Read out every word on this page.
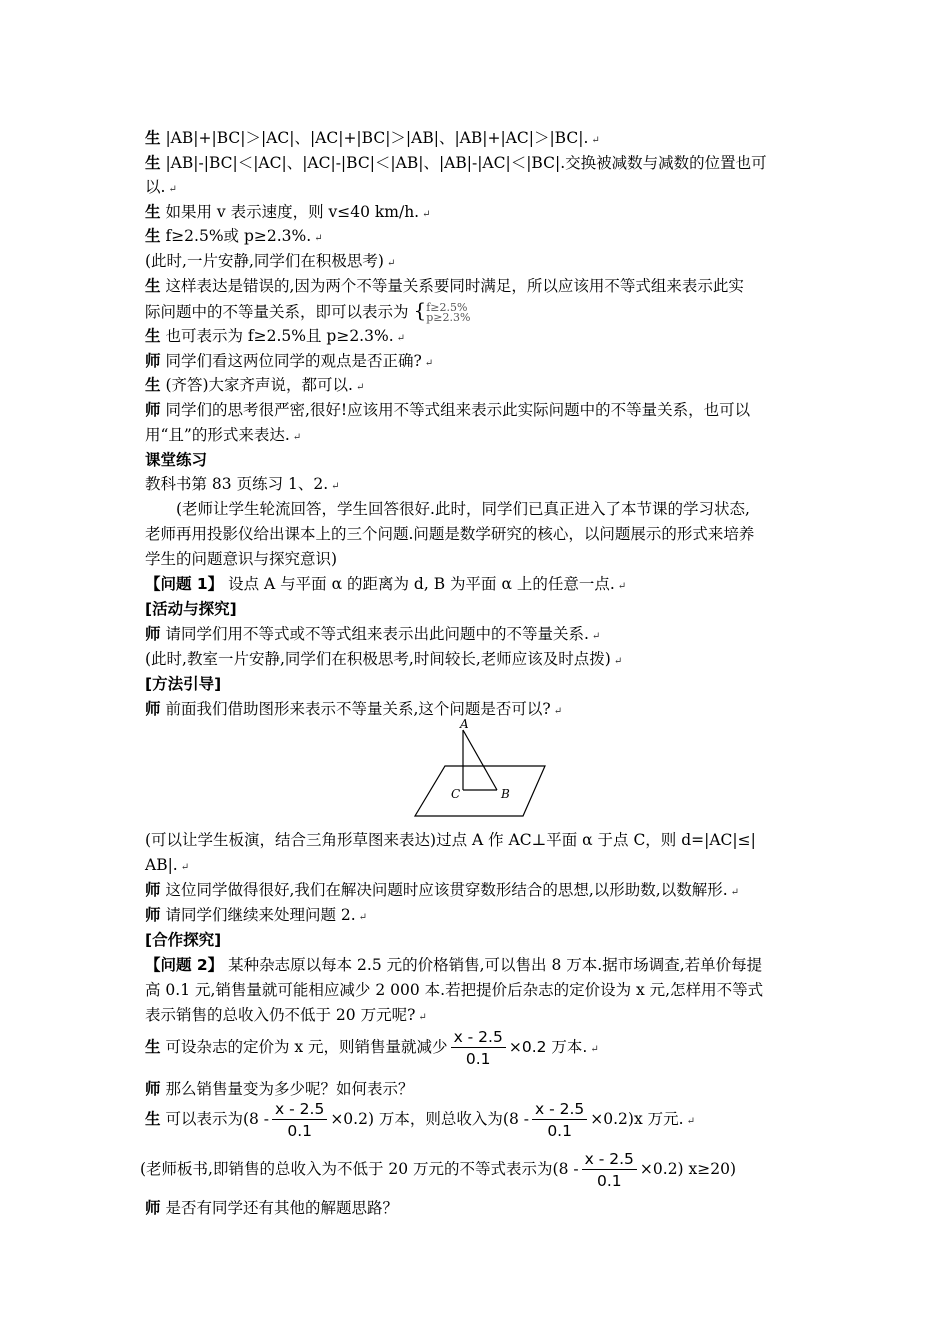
生 |AB|+|BC|＞|AC|、|AC|+|BC|＞|AB|、|AB|+|AC|＞|BC|. ↵
生 |AB|-|BC|＜|AC|、|AC|-|BC|＜|AB|、|AB|-|AC|＜|BC|.交换被减数与减数的位置也可
以. ↵
生 如果用 v 表示速度，则 v≤40 km/h. ↵
生 f≥2.5%或 p≥2.3%. ↵
(此时,一片安静,同学们在积极思考) ↵
生 这样表达是错误的,因为两个不等量关系要同时满足，所以应该用不等式组来表示此实
际问题中的不等量关系，即可以表示为 { f≥2.5%
p≥2.3%
生 也可表示为 f≥2.5%且 p≥2.3%. ↵
师 同学们看这两位同学的观点是否正确? ↵
生 (齐答)大家齐声说，都可以. ↵
师 同学们的思考很严密,很好!应该用不等式组来表示此实际问题中的不等量关系，也可以
用“且”的形式来表达. ↵
课堂练习
教科书第 83 页练习 1、2. ↵
(老师让学生轮流回答，学生回答很好.此时，同学们已真正进入了本节课的学习状态,
老师再用投影仪给出课本上的三个问题.问题是数学研究的核心，以问题展示的形式来培养
学生的问题意识与探究意识)
【问题 1】 设点 A 与平面 α 的距离为 d, B 为平面 α 上的任意一点. ↵
[活动与探究]
师 请同学们用不等式或不等式组来表示出此问题中的不等量关系. ↵
(此时,教室一片安静,同学们在积极思考,时间较长,老师应该及时点拨) ↵
[方法引导]
师 前面我们借助图形来表示不等量关系,这个问题是否可以? ↵
A
C	B
(可以让学生板演，结合三角形草图来表达)过点 A 作 AC⊥平面 α 于点 C，则 d=|AC|≤|
AB|. ↵
师 这位同学做得很好,我们在解决问题时应该贯穿数形结合的思想,以形助数,以数解形. ↵
师 请同学们继续来处理问题 2. ↵
[合作探究]
【问题 2】 某种杂志原以每本 2.5 元的价格销售,可以售出 8 万本.据市场调查,若单价每提
高 0.1 元,销售量就可能相应减少 2 000 本.若把提价后杂志的定价设为 x 元,怎样用不等式
表示销售的总收入仍不低于 20 万元呢? ↵
生 可设杂志的定价为 x 元，则销售量就减少 $\frac{x - 2.5}{0.1} \times 0.2$ 万本. ↵
师 那么销售量变为多少呢？如何表示？
生 可以表示为$(8 - \frac{x - 2.5}{0.1} \times 0.2)$ 万本，则总收入为$(8 - \frac{x - 2.5}{0.1} \times 0.2)x$ 万元. ↵
(老师板书,即销售的总收入为不低于 20 万元的不等式表示为$(8 - \frac{x - 2.5}{0.1} \times 0.2)$ x≥20)
师 是否有同学还有其他的解题思路？
